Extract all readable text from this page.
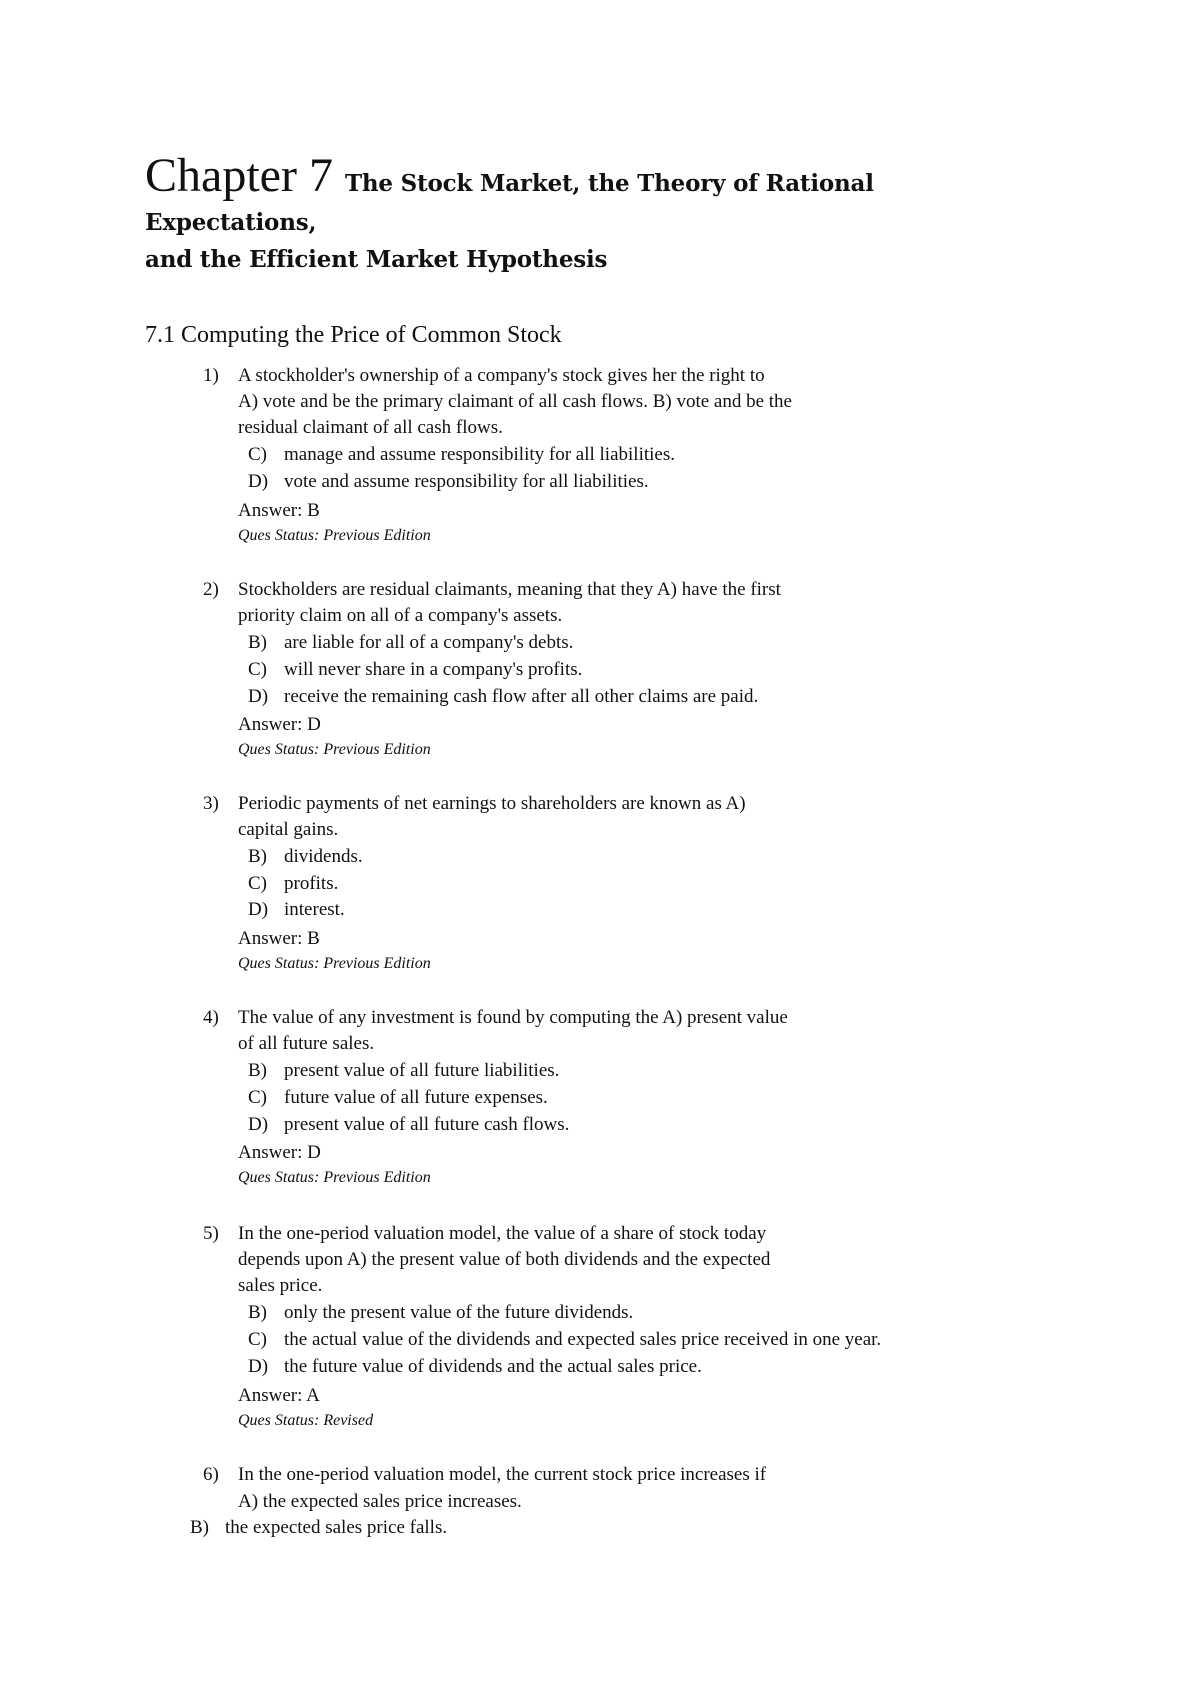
Chapter 7 The Stock Market, the Theory of Rational
Expectations,
and the Efficient Market Hypothesis
7.1 Computing the Price of Common Stock
1) A stockholder's ownership of a company's stock gives her the right to
A) vote and be the primary claimant of all cash flows. B) vote and be the
residual claimant of all cash flows.
C) manage and assume responsibility for all liabilities.
D) vote and assume responsibility for all liabilities.
Answer: B
Ques Status: Previous Edition
2) Stockholders are residual claimants, meaning that they A) have the first
priority claim on all of a company's assets.
B) are liable for all of a company's debts.
C) will never share in a company's profits.
D) receive the remaining cash flow after all other claims are paid.
Answer: D
Ques Status: Previous Edition
3) Periodic payments of net earnings to shareholders are known as A)
capital gains.
B) dividends.
C) profits.
D) interest.
Answer: B
Ques Status: Previous Edition
4) The value of any investment is found by computing the A) present value
of all future sales.
B) present value of all future liabilities.
C) future value of all future expenses.
D) present value of all future cash flows.
Answer: D
Ques Status: Previous Edition
5) In the one-period valuation model, the value of a share of stock today
depends upon A) the present value of both dividends and the expected
sales price.
B) only the present value of the future dividends.
C) the actual value of the dividends and expected sales price received in one year.
D) the future value of dividends and the actual sales price.
Answer: A
Ques Status: Revised
6) In the one-period valuation model, the current stock price increases if
A) the expected sales price increases.
B) the expected sales price falls.
